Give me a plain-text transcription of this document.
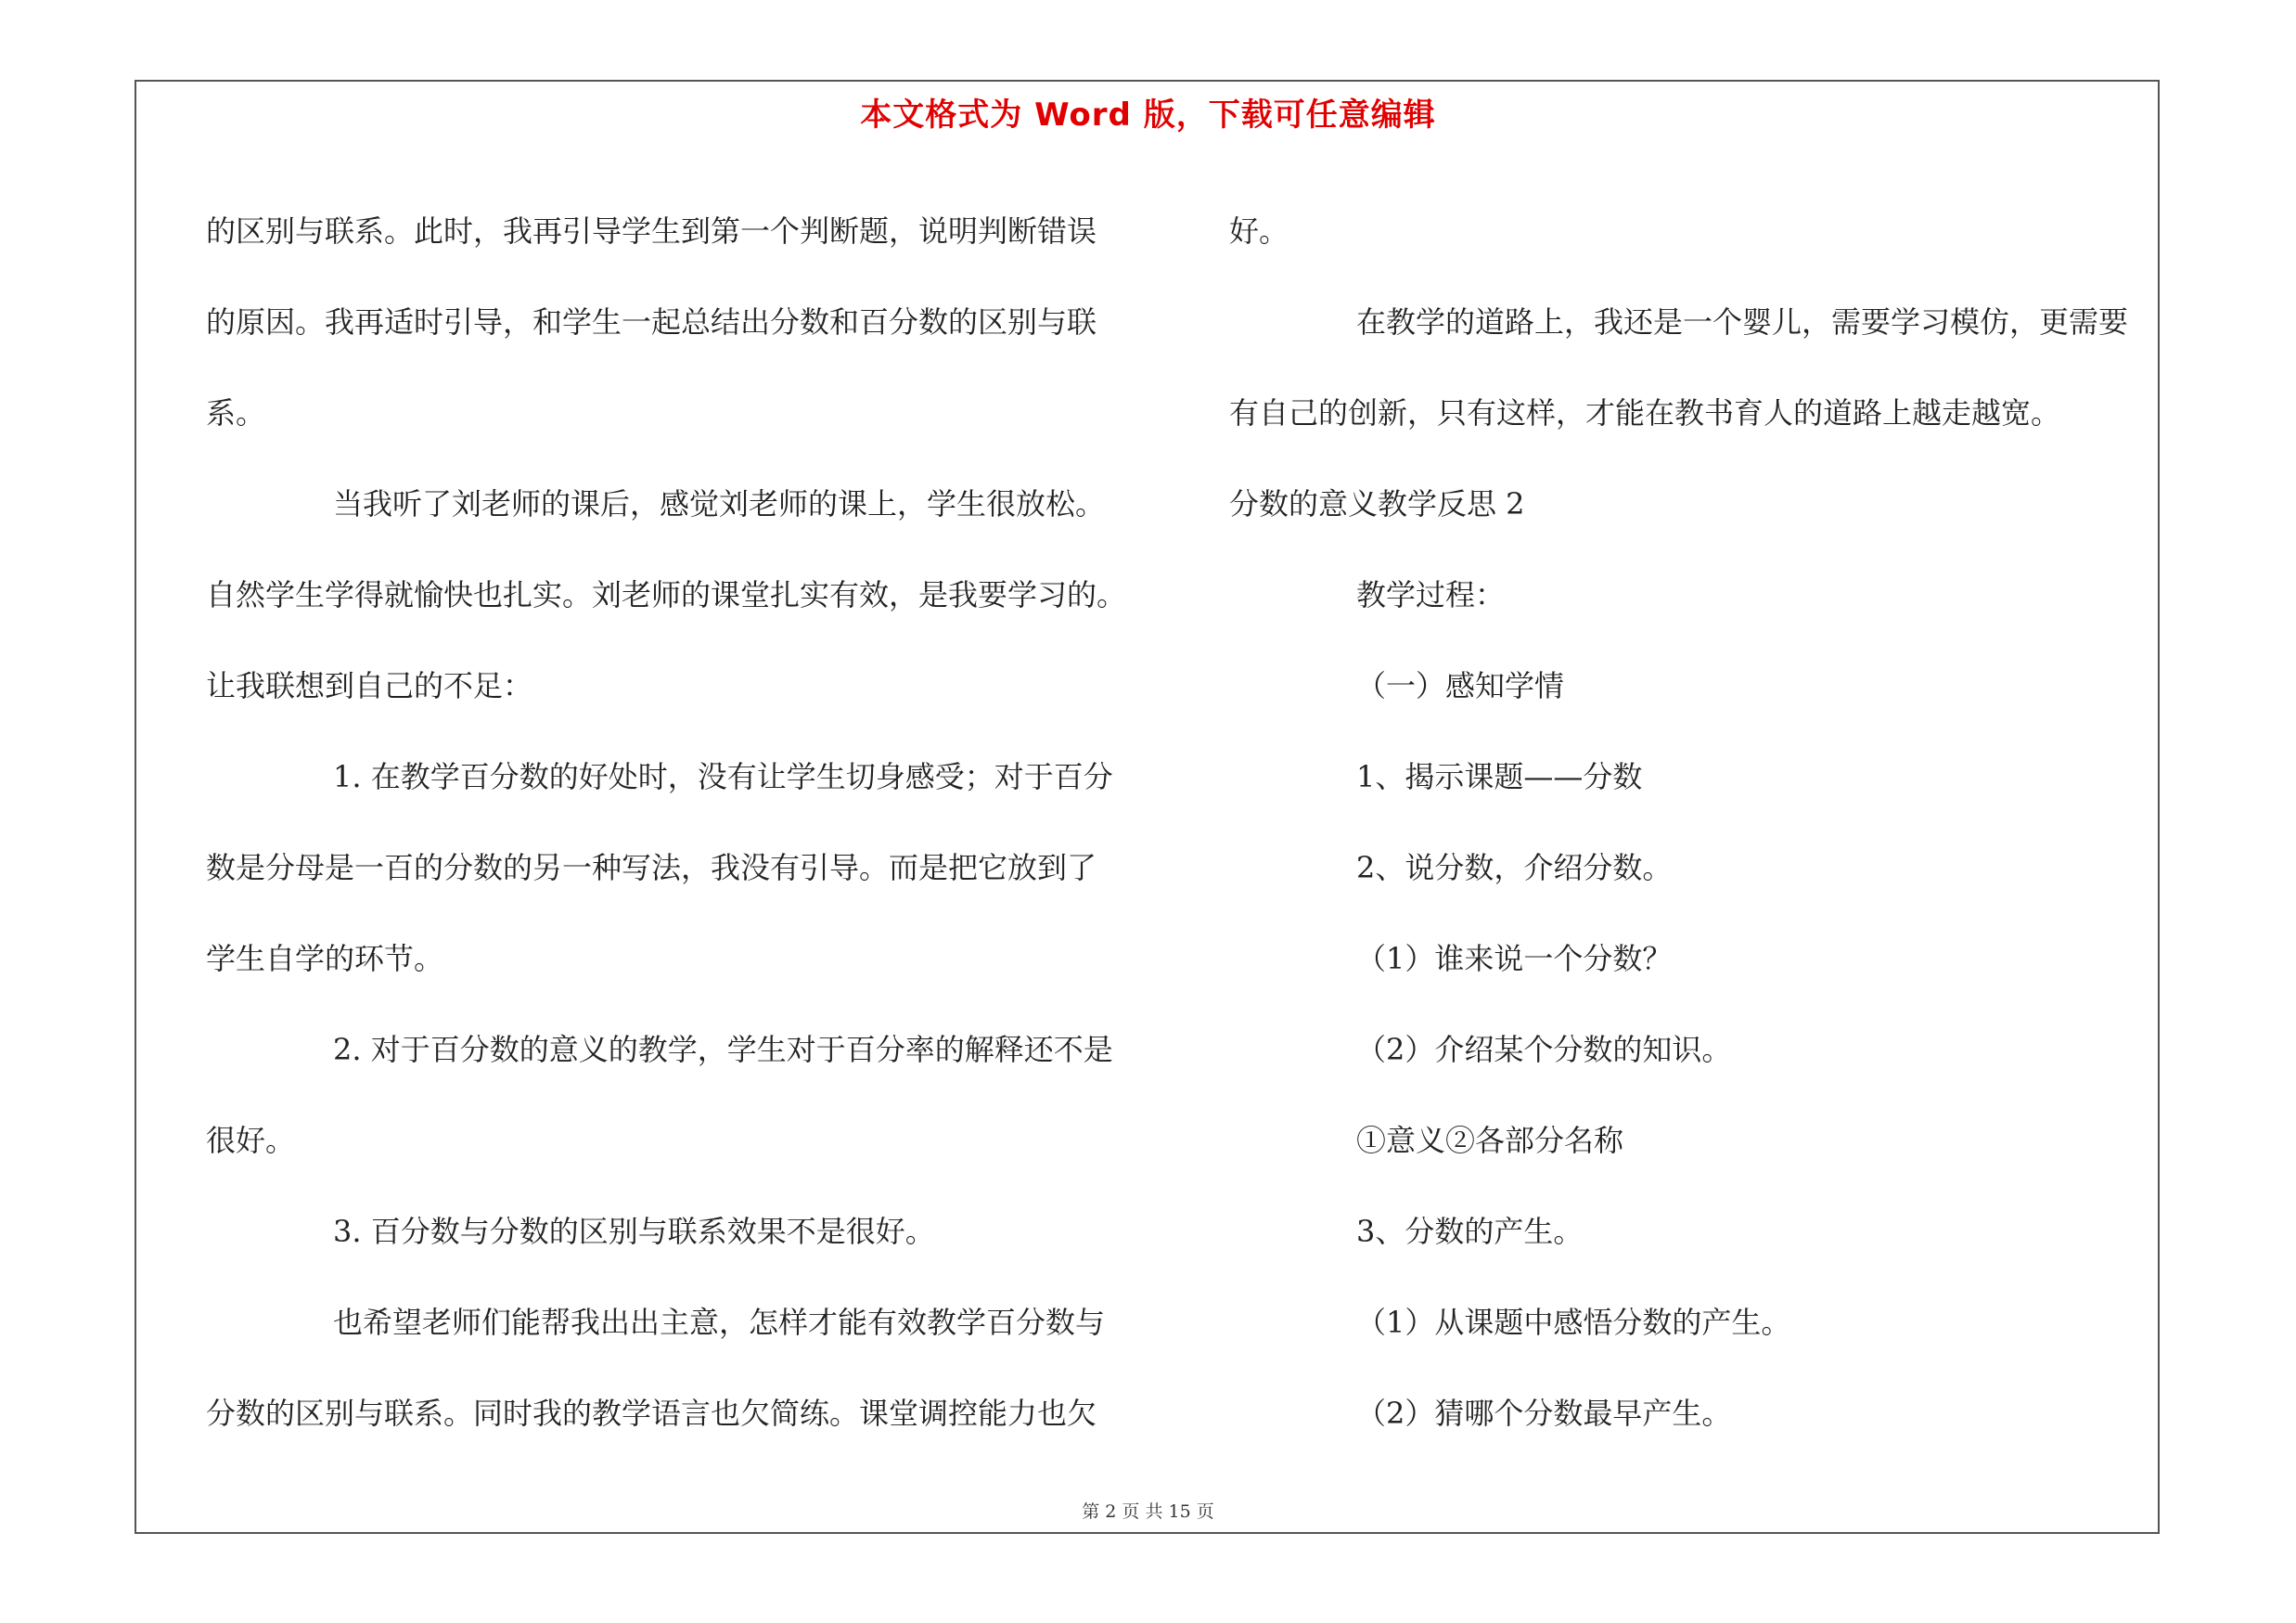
本文格式为 Word 版，下载可任意编辑
的区别与联系。此时，我再引导学生到第一个判断题，说明判断错误
的原因。我再适时引导，和学生一起总结出分数和百分数的区别与联
系。
当我听了刘老师的课后，感觉刘老师的课上，学生很放松。
自然学生学得就愉快也扎实。刘老师的课堂扎实有效，是我要学习的。
让我联想到自己的不足：
1. 在教学百分数的好处时，没有让学生切身感受；对于百分
数是分母是一百的分数的另一种写法，我没有引导。而是把它放到了
学生自学的环节。
2. 对于百分数的意义的教学，学生对于百分率的解释还不是
很好。
3. 百分数与分数的区别与联系效果不是很好。
也希望老师们能帮我出出主意，怎样才能有效教学百分数与
分数的区别与联系。同时我的教学语言也欠简练。课堂调控能力也欠
好。
在教学的道路上，我还是一个婴儿，需要学习模仿，更需要
有自己的创新，只有这样，才能在教书育人的道路上越走越宽。
分数的意义教学反思 2
教学过程：
（一）感知学情
1、揭示课题——分数
2、说分数，介绍分数。
（1）谁来说一个分数？
（2）介绍某个分数的知识。
①意义②各部分名称
3、分数的产生。
（1）从课题中感悟分数的产生。
（2）猜哪个分数最早产生。
第 2 页 共 15 页
